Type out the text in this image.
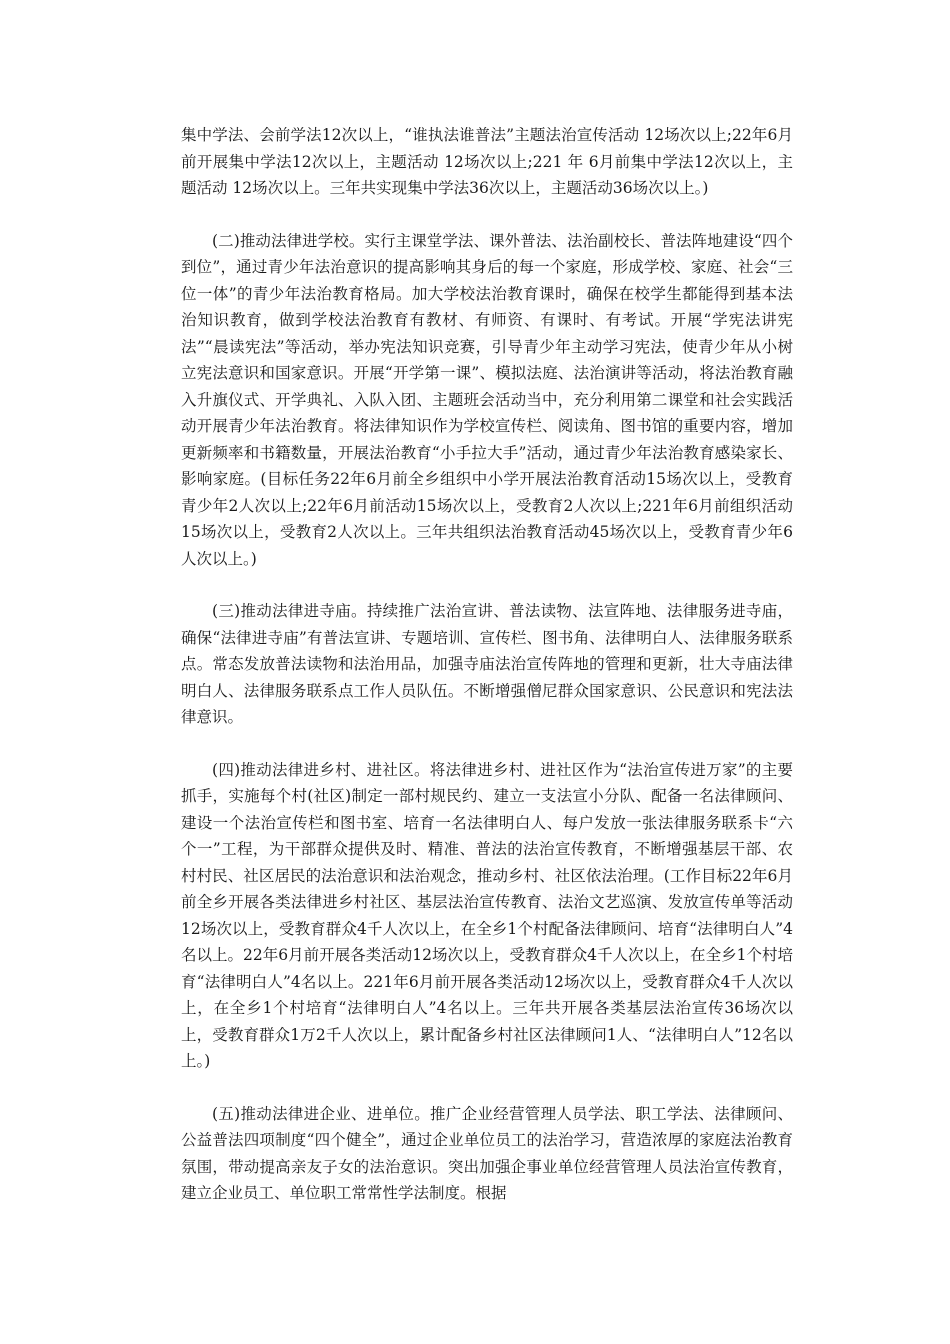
集中学法、会前学法12次以上，“谁执法谁普法”主题法治宣传活动 12场次以上;22年6月前开展集中学法12次以上，主题活动 12场次以上;221 年 6月前集中学法12次以上，主题活动 12场次以上。三年共实现集中学法36次以上，主题活动36场次以上。)

(二)推动法律进学校。实行主课堂学法、课外普法、法治副校长、普法阵地建设“四个到位”，通过青少年法治意识的提高影响其身后的每一个家庭，形成学校、家庭、社会“三位一体”的青少年法治教育格局。加大学校法治教育课时，确保在校学生都能得到基本法治知识教育，做到学校法治教育有教材、有师资、有课时、有考试。开展“学宪法讲宪法”“晨读宪法”等活动，举办宪法知识竞赛，引导青少年主动学习宪法，使青少年从小树立宪法意识和国家意识。开展“开学第一课”、模拟法庭、法治演讲等活动，将法治教育融入升旗仪式、开学典礼、入队入团、主题班会活动当中，充分利用第二课堂和社会实践活动开展青少年法治教育。将法律知识作为学校宣传栏、阅读角、图书馆的重要内容，增加更新频率和书籍数量，开展法治教育“小手拉大手”活动，通过青少年法治教育感染家长、影响家庭。(目标任务22年6月前全乡组织中小学开展法治教育活动15场次以上，受教育青少年2人次以上;22年6月前活动15场次以上，受教育2人次以上;221年6月前组织活动15场次以上，受教育2人次以上。三年共组织法治教育活动45场次以上，受教育青少年6人次以上。)

(三)推动法律进寺庙。持续推广法治宣讲、普法读物、法宣阵地、法律服务进寺庙，确保“法律进寺庙”有普法宣讲、专题培训、宣传栏、图书角、法律明白人、法律服务联系点。常态发放普法读物和法治用品，加强寺庙法治宣传阵地的管理和更新，壮大寺庙法律明白人、法律服务联系点工作人员队伍。不断增强僧尼群众国家意识、公民意识和宪法法律意识。

(四)推动法律进乡村、进社区。将法律进乡村、进社区作为“法治宣传进万家”的主要抓手，实施每个村(社区)制定一部村规民约、建立一支法宣小分队、配备一名法律顾问、建设一个法治宣传栏和图书室、培育一名法律明白人、每户发放一张法律服务联系卡“六个一”工程，为干部群众提供及时、精准、普法的法治宣传教育，不断增强基层干部、农村村民、社区居民的法治意识和法治观念，推动乡村、社区依法治理。(工作目标22年6月前全乡开展各类法律进乡村社区、基层法治宣传教育、法治文艺巡演、发放宣传单等活动12场次以上，受教育群众4千人次以上，在全乡1个村配备法律顾问、培育“法律明白人”4名以上。22年6月前开展各类活动12场次以上，受教育群众4千人次以上，在全乡1个村培育“法律明白人”4名以上。221年6月前开展各类活动12场次以上，受教育群众4千人次以上，在全乡1个村培育“法律明白人”4名以上。三年共开展各类基层法治宣传36场次以上，受教育群众1万2千人次以上，累计配备乡村社区法律顾问1人、“法律明白人”12名以上。)

(五)推动法律进企业、进单位。推广企业经营管理人员学法、职工学法、法律顾问、公益普法四项制度“四个健全”，通过企业单位员工的法治学习，营造浓厚的家庭法治教育氛围，带动提高亲友子女的法治意识。突出加强企事业单位经营管理人员法治宣传教育，建立企业员工、单位职工常常性学法制度。根据
